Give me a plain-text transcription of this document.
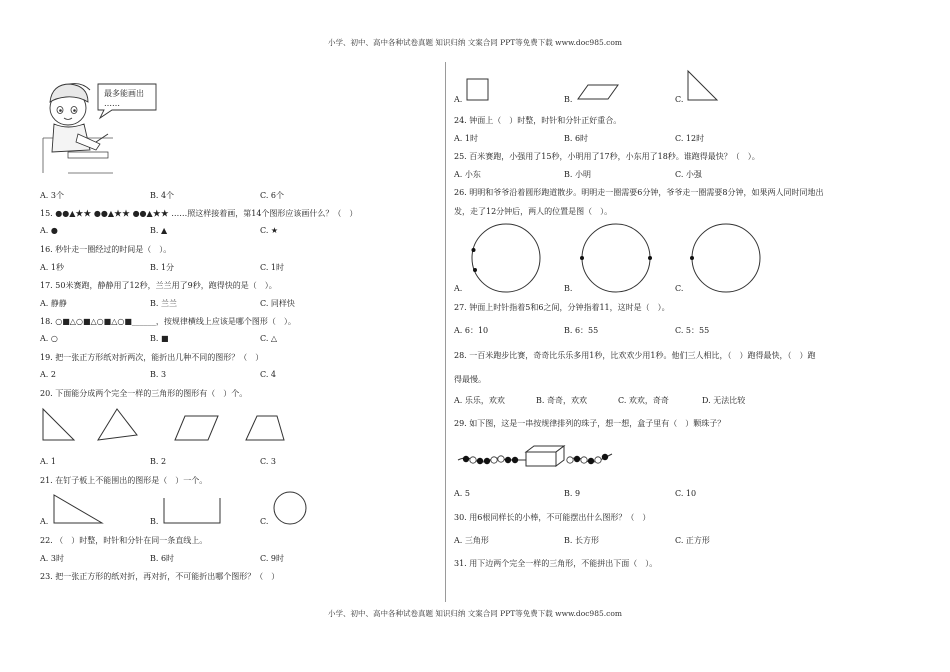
小学、初中、高中各种试卷真题 知识归纳 文案合同 PPT等免费下载 www.doc985.com
小学、初中、高中各种试卷真题 知识归纳 文案合同 PPT等免费下载 www.doc985.com
最多能画出
……
A. 3个	B. 4个	C. 6个
15. ●●▲★★ ●●▲★★ ●●▲★★ ……照这样接着画，第14个图形应该画什么？（　）
A. ●	B. ▲	C. ★
16. 秒针走一圈经过的时间是（　）。
A. 1秒	B. 1分	C. 1时
17. 50米赛跑，静静用了12秒，兰兰用了9秒，跑得快的是（　）。
A. 静静	B. 兰兰	C. 同样快
18. ○■△○■△○■△○■______，按规律横线上应该是哪个图形（　）。
A. ○	B. ■	C. △
19. 把一张正方形纸对折两次，能折出几种不同的图形？（　）
A. 2	B. 3	C. 4
20. 下面能分成两个完全一样的三角形的图形有（　）个。
A. 1	B. 2	C. 3
21. 在钉子板上不能围出的图形是（　）一个。
A.	B.	C.
22. （　）时整，时针和分针在同一条直线上。
A. 3时	B. 6时	C. 9时
23. 把一张正方形的纸对折，再对折，不可能折出哪个图形？（　）
A.	B.	C.
24. 钟面上（　）时整，时针和分针正好重合。
A. 1时	B. 6时	C. 12时
25. 百米赛跑，小强用了15秒，小明用了17秒，小东用了18秒。谁跑得最快？（　）。
A. 小东	B. 小明	C. 小强
26. 明明和爷爷沿着圆形跑道散步。明明走一圈需要6分钟，爷爷走一圈需要8分钟，如果两人同时同地出
发，走了12分钟后，两人的位置是图（　）。
A.	B.	C.
27. 钟面上时针指着5和6之间，分钟指着11，这时是（　）。
A. 6：10	B. 6：55	C. 5：55
28. 一百米跑步比赛，奇奇比乐乐多用1秒，比欢欢少用1秒。他们三人相比，（　）跑得最快，（　）跑
得最慢。
A. 乐乐，欢欢	B. 奇奇，欢欢	C. 欢欢，奇奇	D. 无法比较
29. 如下图，这是一串按规律排列的珠子，想一想，盒子里有（　）颗珠子？
A. 5	B. 9	C. 10
30. 用6根同样长的小棒，不可能摆出什么图形？（　）
A. 三角形	B. 长方形	C. 正方形
31. 用下边两个完全一样的三角形，不能拼出下面（　）。
